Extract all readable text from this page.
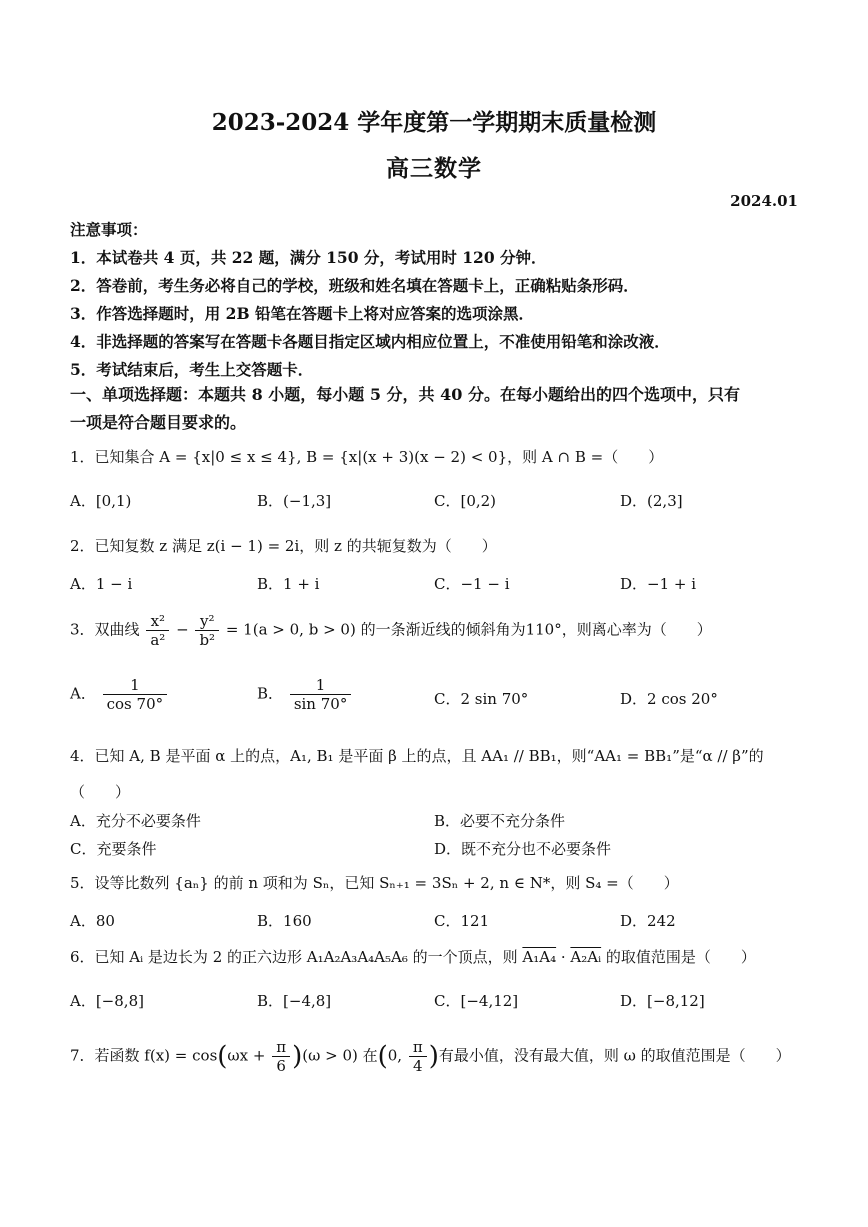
2023-2024 学年度第一学期期末质量检测
高三数学
2024.01
注意事项：
1．本试卷共 4 页，共 22 题，满分 150 分，考试用时 120 分钟．
2．答卷前，考生务必将自己的学校，班级和姓名填在答题卡上，正确粘贴条形码．
3．作答选择题时，用 2B 铅笔在答题卡上将对应答案的选项涂黑．
4．非选择题的答案写在答题卡各题目指定区域内相应位置上，不准使用铅笔和涂改液．
5．考试结束后，考生上交答题卡．
一、单项选择题：本题共 8 小题，每小题 5 分，共 40 分。在每小题给出的四个选项中，只有
一项是符合题目要求的。
1．已知集合 A = {x|0 ≤ x ≤ 4}, B = {x|(x + 3)(x − 2) < 0}，则 A ∩ B =（　　）
A．[0,1)	B．(−1,3]	C．[0,2)	D．(2,3]
2．已知复数 z 满足 z(i − 1) = 2i，则 z 的共轭复数为（　　）
A．1 − i	B．1 + i	C．−1 − i	D．−1 + i
3．双曲线 $\frac{\text{x²}}{\text{a²}} - \frac{\text{y²}}{\text{b²}} = 1(a > 0$, b > 0) 的一条渐近线的倾斜角为110°，则离心率为（　　）
A． $\frac{1}{\cos 70^\circ}$	B． $\frac{1}{\sin 70^\circ}$	C．2 sin 70°	D．2 cos 20°
4．已知 A, B 是平面 α 上的点，A₁, B₁ 是平面 β 上的点，且 AA₁ // BB₁，则“AA₁ = BB₁”是“α // β”的
（　　）
A．充分不必要条件	B．必要不充分条件
C．充要条件	D．既不充分也不必要条件
5．设等比数列 {aₙ} 的前 n 项和为 Sₙ，已知 Sₙ₊₁ = 3Sₙ + 2, n ∈ N*，则 S₄ =（　　）
A．80	B．160	C．121	D．242
6．已知 Aᵢ 是边长为 2 的正六边形 A₁A₂A₃A₄A₅A₆ 的一个顶点，则 A₁A₄ · A₂Aᵢ 的取值范围是（　　）
A．[−8,8]	B．[−4,8]	C．[−4,12]	D．[−8,12]
7．若函数 $f(x) = \cos(\omega x + \frac{\pi}{6} )(\omega > 0)$ 在(0, $\frac{\pi}{4}$ )有最小值，没有最大值，则 ω 的取值范围是（　　）
